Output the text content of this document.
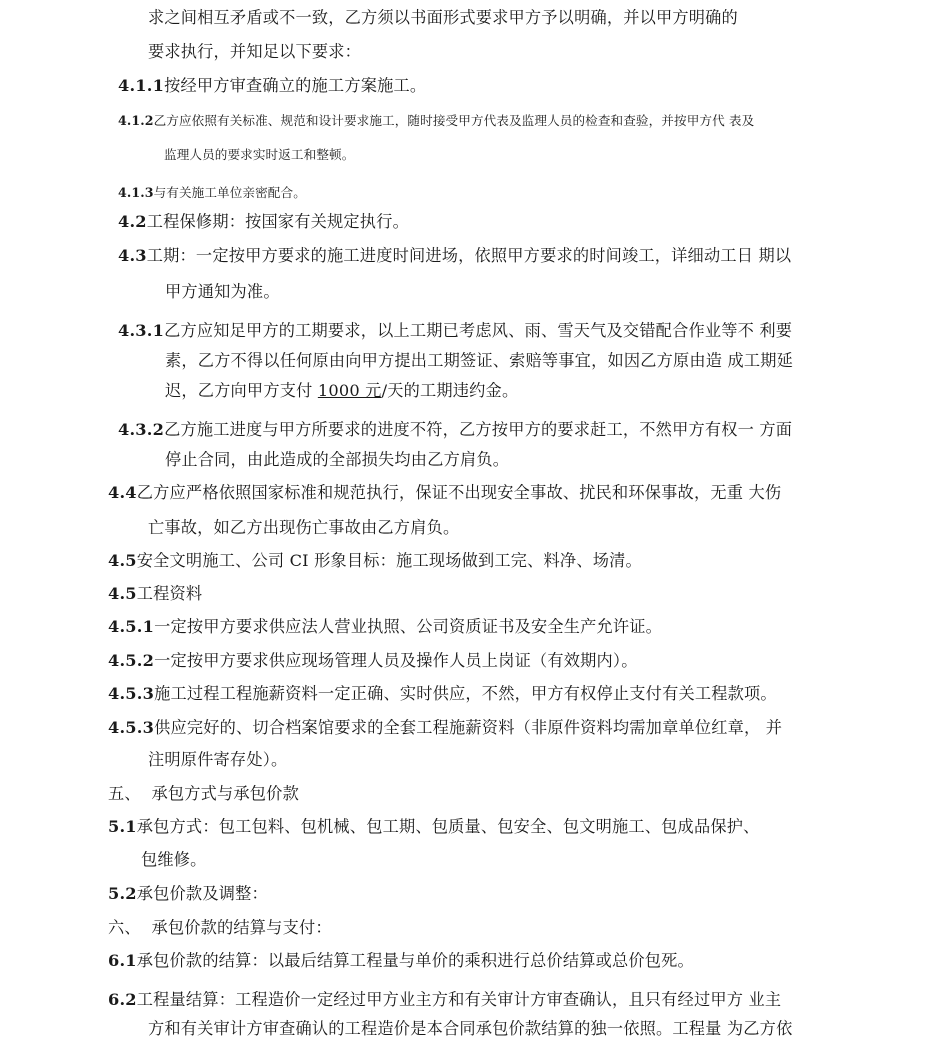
求之间相互矛盾或不一致，乙方须以书面形式要求甲方予以明确，并以甲方明确的
要求执行，并知足以下要求：
4.1.1按经甲方审查确立的施工方案施工。
4.1.2乙方应依照有关标准、规范和设计要求施工，随时接受甲方代表及监理人员的检查和查验，并按甲方代 表及
监理人员的要求实时返工和整顿。
4.1.3与有关施工单位亲密配合。
4.2工程保修期：按国家有关规定执行。
4.3工期：一定按甲方要求的施工进度时间进场，依照甲方要求的时间竣工，详细动工日 期以
甲方通知为准。
4.3.1乙方应知足甲方的工期要求，以上工期已考虑风、雨、雪天气及交错配合作业等不 利要
素，乙方不得以任何原由向甲方提出工期签证、索赔等事宜，如因乙方原由造 成工期延
迟，乙方向甲方支付 1000 元/天的工期违约金。
4.3.2乙方施工进度与甲方所要求的进度不符，乙方按甲方的要求赶工，不然甲方有权一 方面
停止合同，由此造成的全部损失均由乙方肩负。
4.4乙方应严格依照国家标准和规范执行，保证不出现安全事故、扰民和环保事故，无重 大伤
亡事故，如乙方出现伤亡事故由乙方肩负。
4.5安全文明施工、公司 CI 形象目标：施工现场做到工完、料净、场清。
4.5工程资料
4.5.1一定按甲方要求供应法人营业执照、公司资质证书及安全生产允许证。
4.5.2一定按甲方要求供应现场管理人员及操作人员上岗证（有效期内）。
4.5.3施工过程工程施薪资料一定正确、实时供应，不然，甲方有权停止支付有关工程款项。
4.5.3供应完好的、切合档案馆要求的全套工程施薪资料（非原件资料均需加章单位红章， 并
注明原件寄存处）。
五、  承包方式与承包价款
5.1承包方式：包工包料、包机械、包工期、包质量、包安全、包文明施工、包成品保护、
包维修。
5.2承包价款及调整：
六、  承包价款的结算与支付：
6.1承包价款的结算：以最后结算工程量与单价的乘积进行总价结算或总价包死。
6.2工程量结算：工程造价一定经过甲方业主方和有关审计方审查确认，且只有经过甲方 业主
方和有关审计方审查确认的工程造价是本合同承包价款结算的独一依照。工程量 为乙方依
